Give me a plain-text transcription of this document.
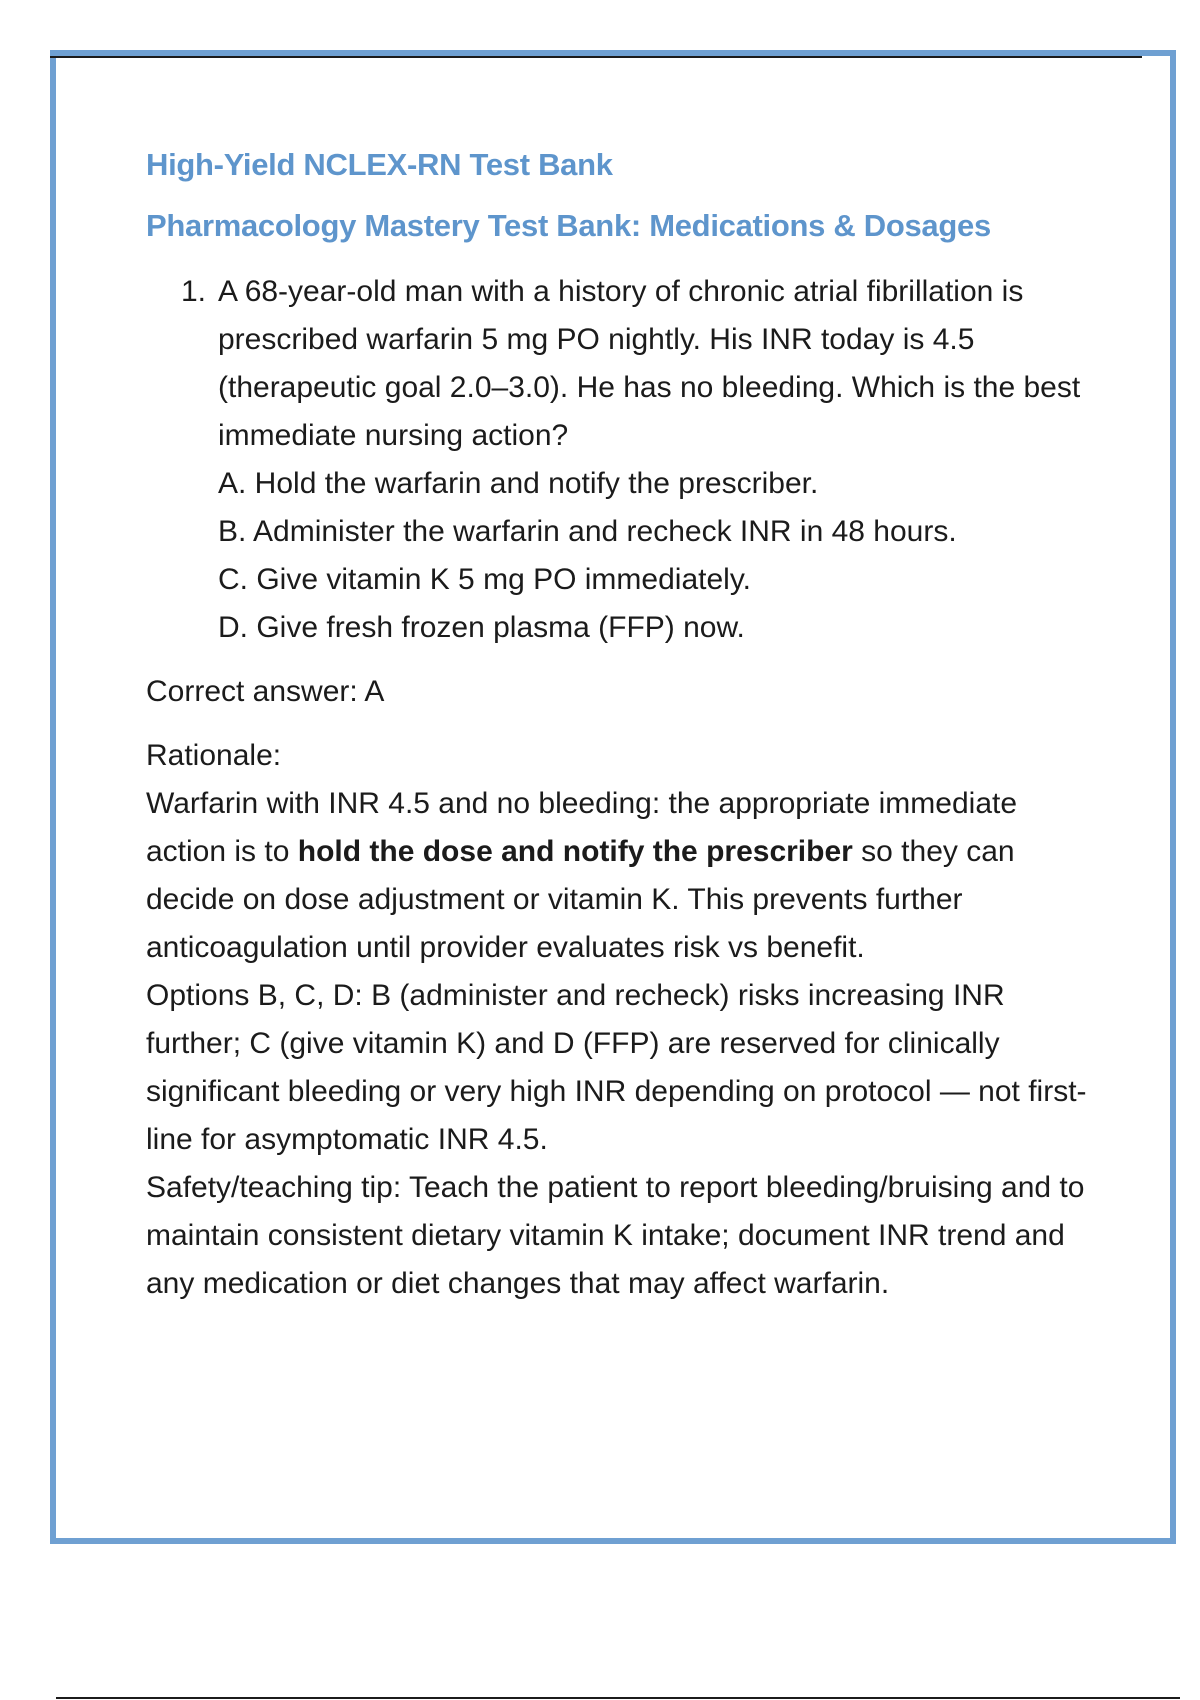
High-Yield NCLEX-RN Test Bank
Pharmacology Mastery Test Bank: Medications & Dosages
1. A 68-year-old man with a history of chronic atrial fibrillation is prescribed warfarin 5 mg PO nightly. His INR today is 4.5 (therapeutic goal 2.0–3.0). He has no bleeding. Which is the best immediate nursing action?
A. Hold the warfarin and notify the prescriber.
B. Administer the warfarin and recheck INR in 48 hours.
C. Give vitamin K 5 mg PO immediately.
D. Give fresh frozen plasma (FFP) now.
Correct answer: A

Rationale:

Warfarin with INR 4.5 and no bleeding: the appropriate immediate action is to hold the dose and notify the prescriber so they can decide on dose adjustment or vitamin K. This prevents further anticoagulation until provider evaluates risk vs benefit.

Options B, C, D: B (administer and recheck) risks increasing INR further; C (give vitamin K) and D (FFP) are reserved for clinically significant bleeding or very high INR depending on protocol — not first-line for asymptomatic INR 4.5.

Safety/teaching tip: Teach the patient to report bleeding/bruising and to maintain consistent dietary vitamin K intake; document INR trend and any medication or diet changes that may affect warfarin.
